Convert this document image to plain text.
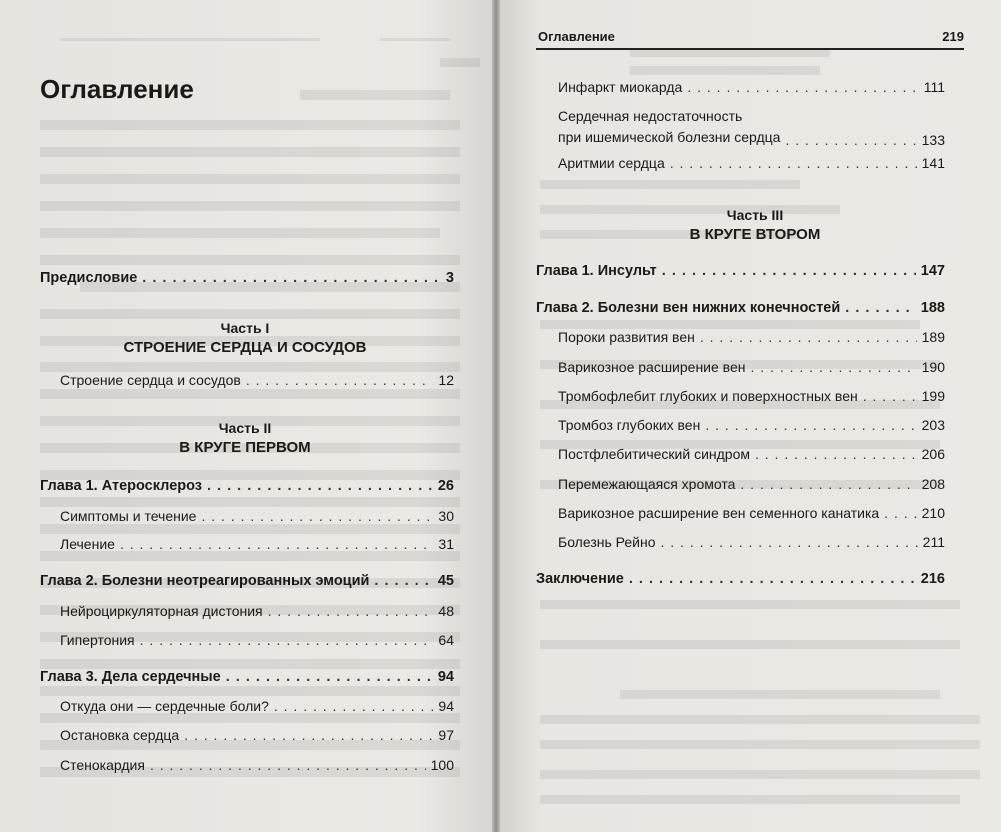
Оглавление
Предисловие . . .	3
Часть I
СТРОЕНИЕ СЕРДЦА И СОСУДОВ
Строение сердца и сосудов . . .	12
Часть II
В КРУГЕ ПЕРВОМ
Глава 1. Атеросклероз . . .	26
Симптомы и течение . . .	30
Лечение . . .	31
Глава 2. Болезни неотреагированных эмоций . . .	45
Нейроциркуляторная дистония . . .	48
Гипертония . . .	64
Глава 3. Дела сердечные . . .	94
Откуда они — сердечные боли? . . .	94
Остановка сердца . . .	97
Стенокардия . . .	100
Оглавление	219
Инфаркт миокарда . . .	111
Сердечная недостаточность
при ишемической болезни сердца . . .	133
Аритмии сердца . . .	141
Часть III
В КРУГЕ ВТОРОМ
Глава 1. Инсульт . . .	147
Глава 2. Болезни вен нижних конечностей . . .	188
Пороки развития вен . . .	189
Варикозное расширение вен . . .	190
Тромбофлебит глубоких и поверхностных вен . . .	199
Тромбоз глубоких вен . . .	203
Постфлебитический синдром . . .	206
Перемежающаяся хромота . . .	208
Варикозное расширение вен семенного канатика . . .	210
Болезнь Рейно . . .	211
Заключение . . .	216
